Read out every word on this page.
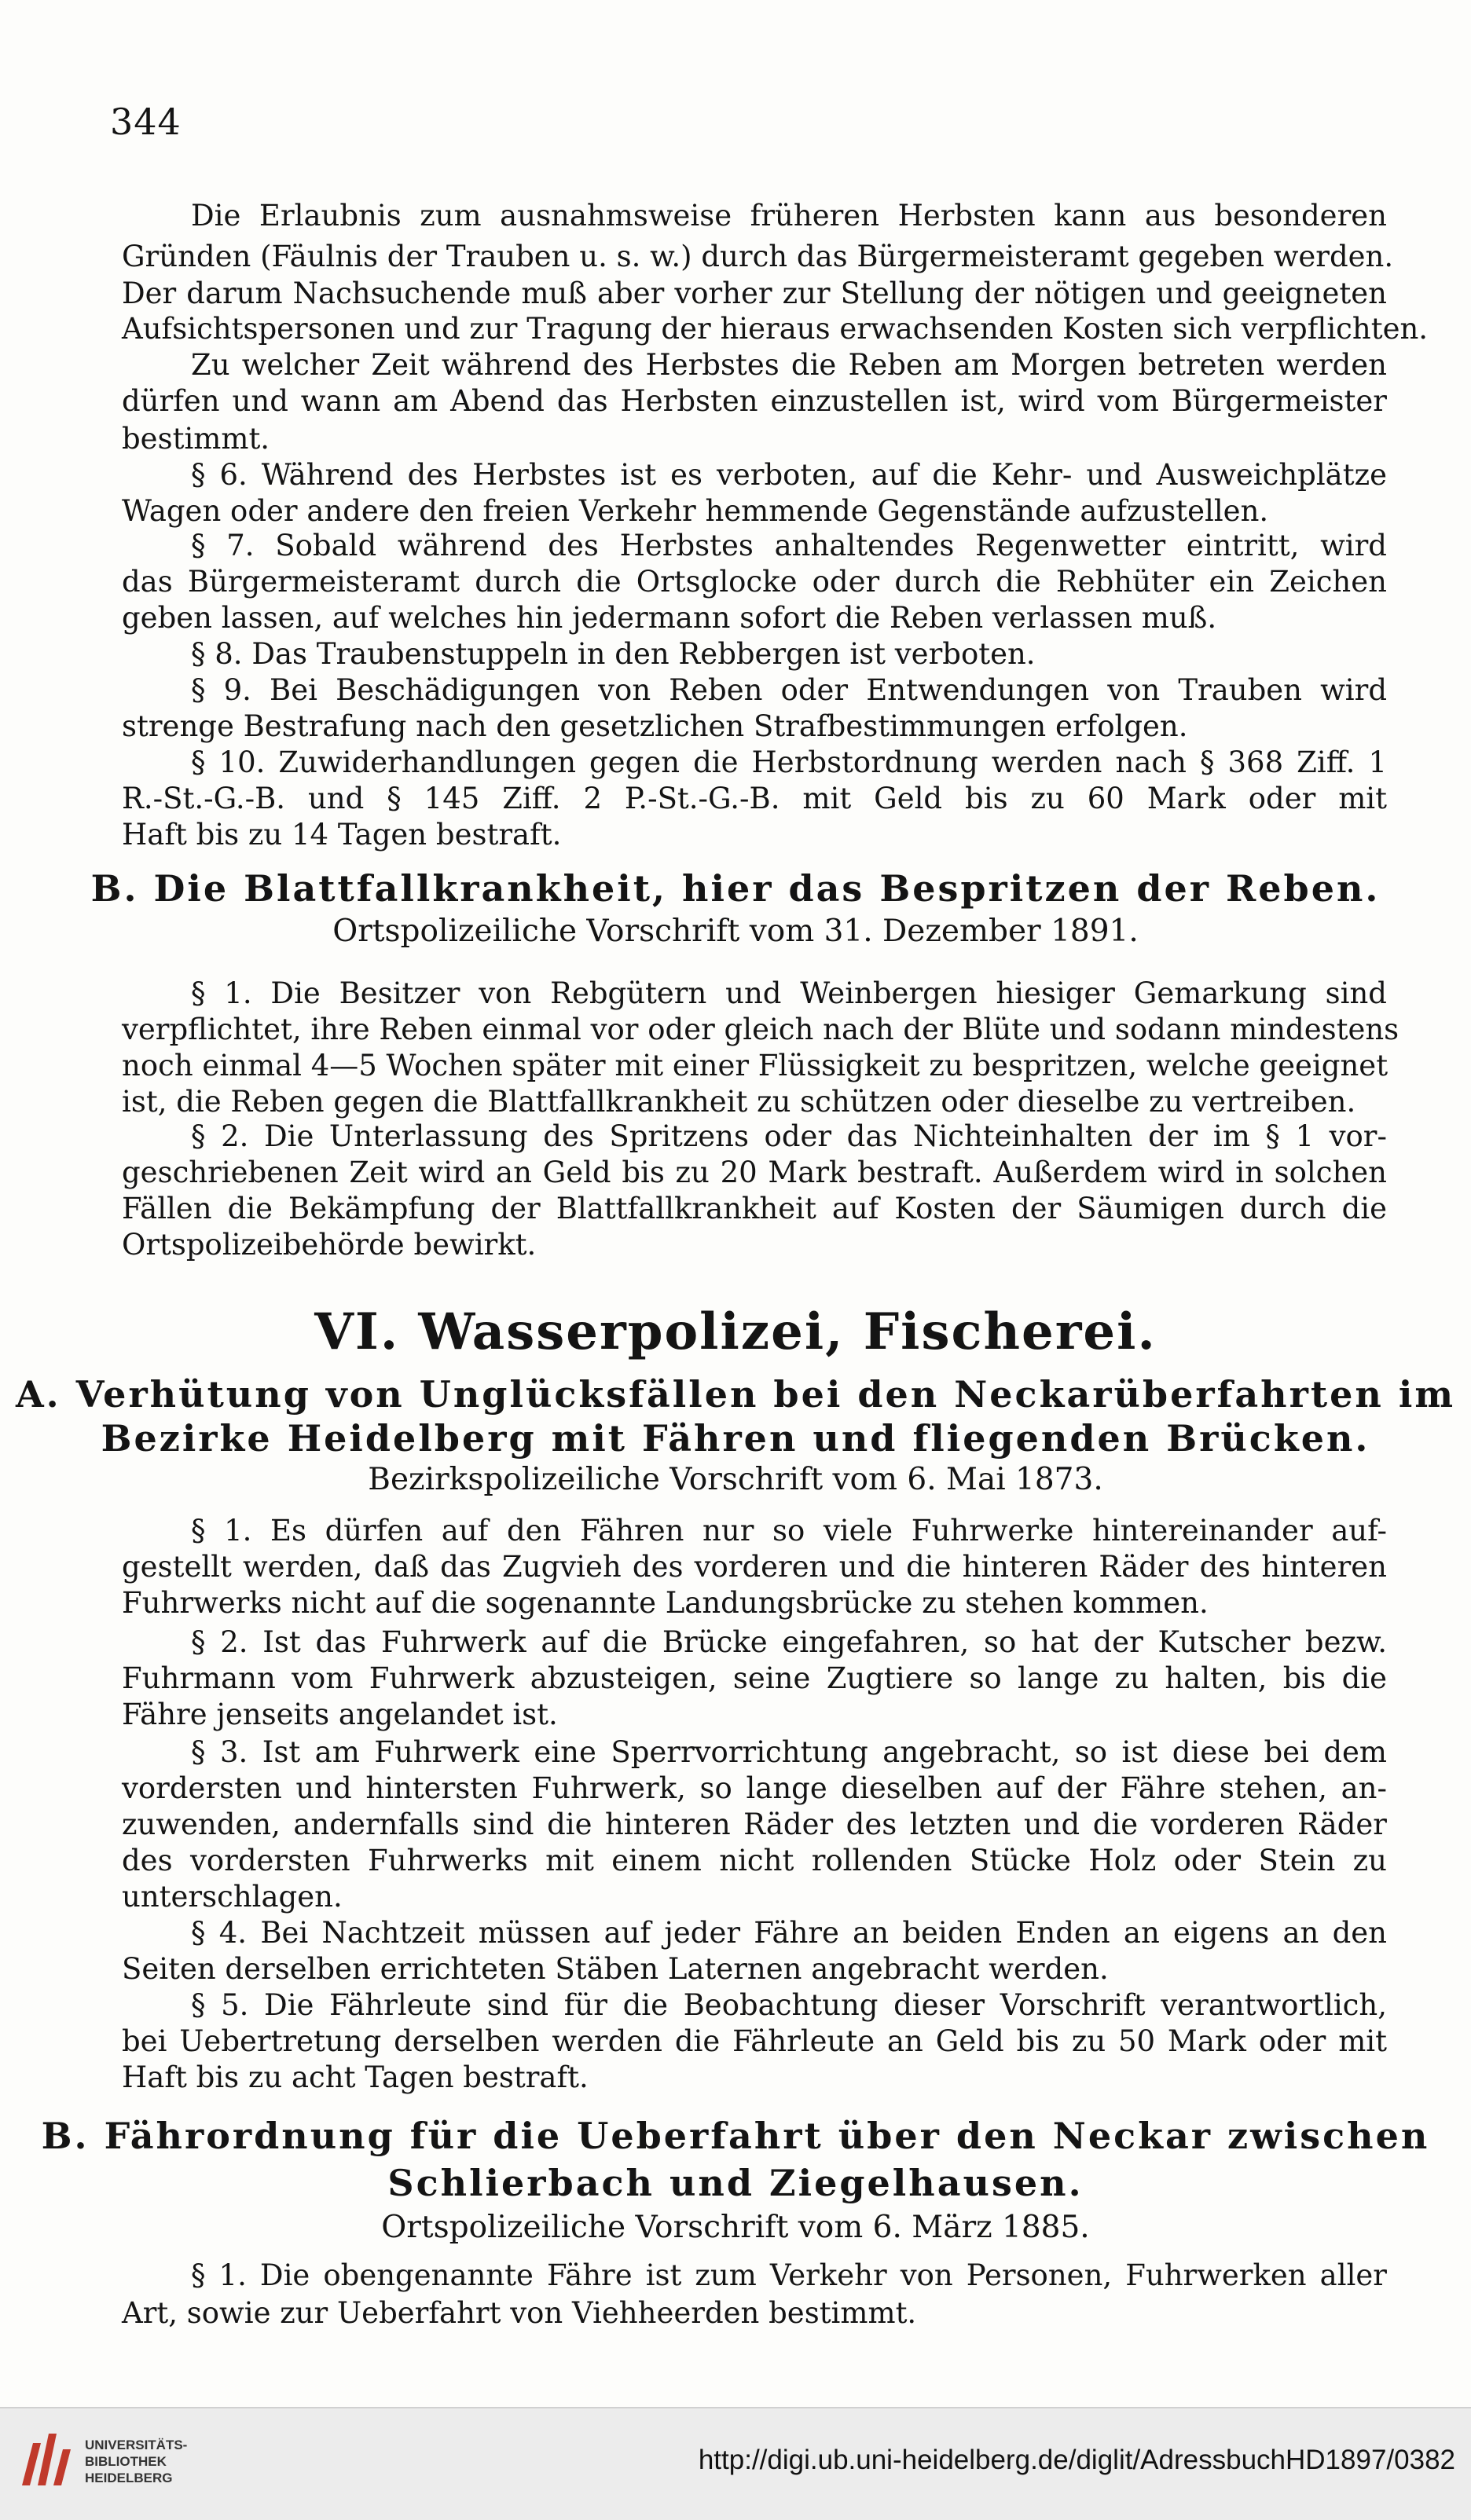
344
Die Erlaubnis zum ausnahmsweise früheren Herbsten kann aus besonderen
Gründen (Fäulnis der Trauben u. s. w.) durch das Bürgermeisteramt gegeben werden.
Der darum Nachsuchende muß aber vorher zur Stellung der nötigen und geeigneten
Aufsichtspersonen und zur Tragung der hieraus erwachsenden Kosten sich verpflichten.
Zu welcher Zeit während des Herbstes die Reben am Morgen betreten werden
dürfen und wann am Abend das Herbsten einzustellen ist, wird vom Bürgermeister
bestimmt.
§ 6. Während des Herbstes ist es verboten, auf die Kehr- und Ausweichplätze
Wagen oder andere den freien Verkehr hemmende Gegenstände aufzustellen.
§ 7. Sobald während des Herbstes anhaltendes Regenwetter eintritt, wird
das Bürgermeisteramt durch die Ortsglocke oder durch die Rebhüter ein Zeichen
geben lassen, auf welches hin jedermann sofort die Reben verlassen muß.
§ 8. Das Traubenstuppeln in den Rebbergen ist verboten.
§ 9. Bei Beschädigungen von Reben oder Entwendungen von Trauben wird
strenge Bestrafung nach den gesetzlichen Strafbestimmungen erfolgen.
§ 10. Zuwiderhandlungen gegen die Herbstordnung werden nach § 368 Ziff. 1
R.-St.-G.-B. und § 145 Ziff. 2 P.-St.-G.-B. mit Geld bis zu 60 Mark oder mit
Haft bis zu 14 Tagen bestraft.
B. Die Blattfallkrankheit, hier das Bespritzen der Reben.
Ortspolizeiliche Vorschrift vom 31. Dezember 1891.
§ 1. Die Besitzer von Rebgütern und Weinbergen hiesiger Gemarkung sind
verpflichtet, ihre Reben einmal vor oder gleich nach der Blüte und sodann mindestens
noch einmal 4—5 Wochen später mit einer Flüssigkeit zu bespritzen, welche geeignet
ist, die Reben gegen die Blattfallkrankheit zu schützen oder dieselbe zu vertreiben.
§ 2. Die Unterlassung des Spritzens oder das Nichteinhalten der im § 1 vor-
geschriebenen Zeit wird an Geld bis zu 20 Mark bestraft. Außerdem wird in solchen
Fällen die Bekämpfung der Blattfallkrankheit auf Kosten der Säumigen durch die
Ortspolizeibehörde bewirkt.
VI. Wasserpolizei, Fischerei.
A. Verhütung von Unglücksfällen bei den Neckarüberfahrten im
Bezirke Heidelberg mit Fähren und fliegenden Brücken.
Bezirkspolizeiliche Vorschrift vom 6. Mai 1873.
§ 1. Es dürfen auf den Fähren nur so viele Fuhrwerke hintereinander auf-
gestellt werden, daß das Zugvieh des vorderen und die hinteren Räder des hinteren
Fuhrwerks nicht auf die sogenannte Landungsbrücke zu stehen kommen.
§ 2. Ist das Fuhrwerk auf die Brücke eingefahren, so hat der Kutscher bezw.
Fuhrmann vom Fuhrwerk abzusteigen, seine Zugtiere so lange zu halten, bis die
Fähre jenseits angelandet ist.
§ 3. Ist am Fuhrwerk eine Sperrvorrichtung angebracht, so ist diese bei dem
vordersten und hintersten Fuhrwerk, so lange dieselben auf der Fähre stehen, an-
zuwenden, andernfalls sind die hinteren Räder des letzten und die vorderen Räder
des vordersten Fuhrwerks mit einem nicht rollenden Stücke Holz oder Stein zu
unterschlagen.
§ 4. Bei Nachtzeit müssen auf jeder Fähre an beiden Enden an eigens an den
Seiten derselben errichteten Stäben Laternen angebracht werden.
§ 5. Die Fährleute sind für die Beobachtung dieser Vorschrift verantwortlich,
bei Uebertretung derselben werden die Fährleute an Geld bis zu 50 Mark oder mit
Haft bis zu acht Tagen bestraft.
B. Fährordnung für die Ueberfahrt über den Neckar zwischen
Schlierbach und Ziegelhausen.
Ortspolizeiliche Vorschrift vom 6. März 1885.
§ 1. Die obengenannte Fähre ist zum Verkehr von Personen, Fuhrwerken aller
Art, sowie zur Ueberfahrt von Viehheerden bestimmt.
UNIVERSITÄTS-
BIBLIOTHEK
HEIDELBERG
http://digi.ub.uni-heidelberg.de/diglit/AdressbuchHD1897/0382
